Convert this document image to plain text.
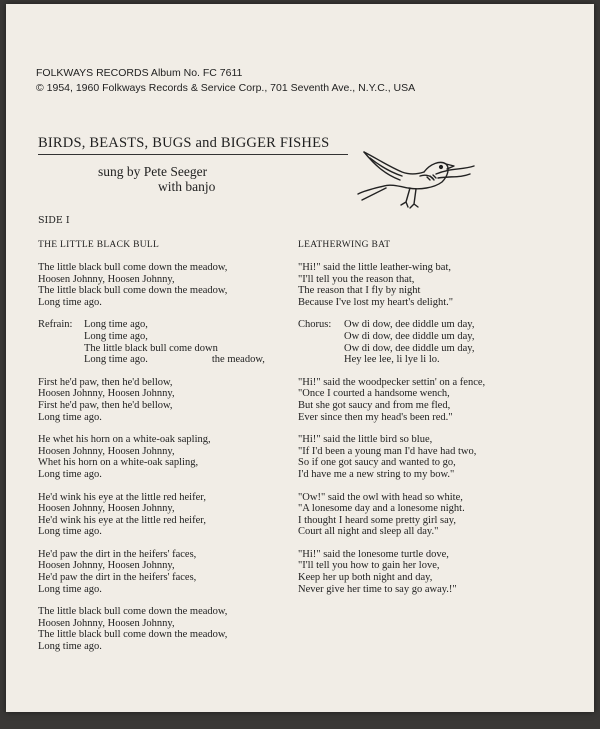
FOLKWAYS RECORDS Album No. FC 7611
© 1954, 1960 Folkways Records & Service Corp., 701 Seventh Ave., N.Y.C., USA
BIRDS, BEASTS, BUGS and BIGGER FISHES
sung by Pete Seeger
with banjo
SIDE I
THE LITTLE BLACK BULL
The little black bull come down the meadow,
Hoosen Johnny, Hoosen Johnny,
The little black bull come down the meadow,
Long time ago.
Refrain: Long time ago,
Long time ago,
The little black bull come down
Long time ago.	the meadow,
First he'd paw, then he'd bellow,
Hoosen Johnny, Hoosen Johnny,
First he'd paw, then he'd bellow,
Long time ago.
He whet his horn on a white-oak sapling,
Hoosen Johnny, Hoosen Johnny,
Whet his horn on a white-oak sapling,
Long time ago.
He'd wink his eye at the little red heifer,
Hoosen Johnny, Hoosen Johnny,
He'd wink his eye at the little red heifer,
Long time ago.
He'd paw the dirt in the heifers' faces,
Hoosen Johnny, Hoosen Johnny,
He'd paw the dirt in the heifers' faces,
Long time ago.
The little black bull come down the meadow,
Hoosen Johnny, Hoosen Johnny,
The little black bull come down the meadow,
Long time ago.
LEATHERWING BAT
"Hi!" said the little leather-wing bat,
"I'll tell you the reason that,
The reason that I fly by night
Because I've lost my heart's delight."
Chorus: Ow di dow, dee diddle um day,
Ow di dow, dee diddle um day,
Ow di dow, dee diddle um day,
Hey lee lee, li lye li lo.
"Hi!" said the woodpecker settin' on a fence,
"Once I courted a handsome wench,
But she got saucy and from me fled,
Ever since then my head's been red."
"Hi!" said the little bird so blue,
"If I'd been a young man I'd have had two,
So if one got saucy and wanted to go,
I'd have me a new string to my bow."
"Ow!" said the owl with head so white,
"A lonesome day and a lonesome night.
I thought I heard some pretty girl say,
Court all night and sleep all day."
"Hi!" said the lonesome turtle dove,
"I'll tell you how to gain her love,
Keep her up both night and day,
Never give her time to say go away.!"
